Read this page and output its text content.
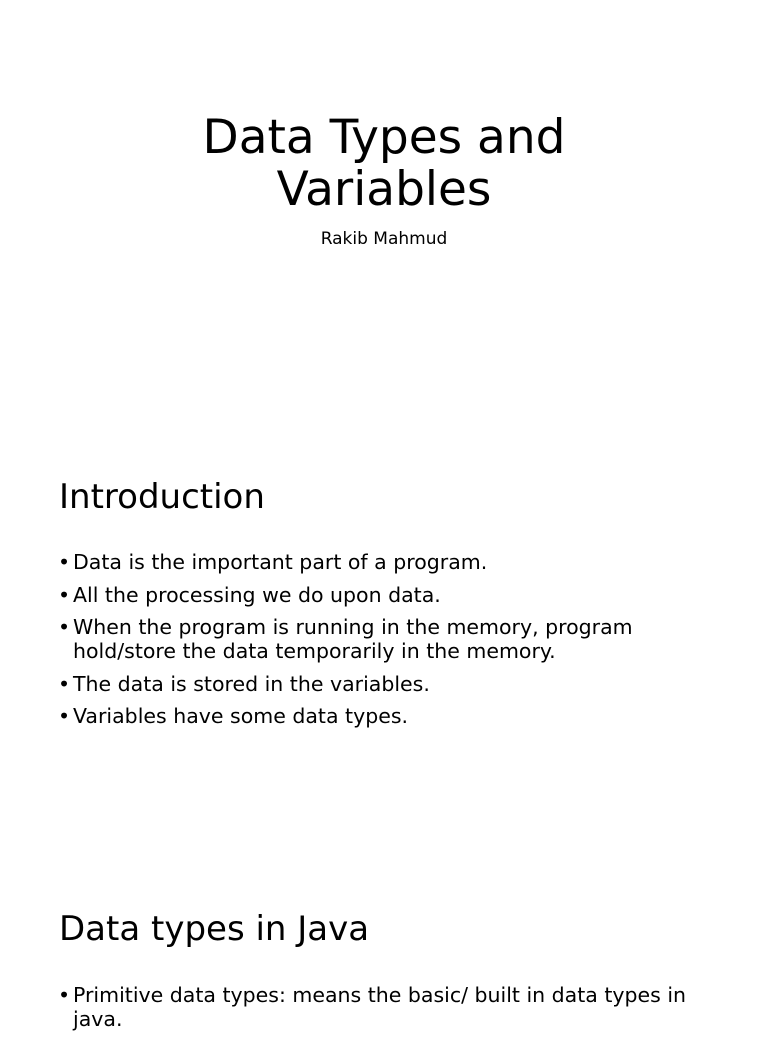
Data Types and
Variables

Rakib Mahmud

Introduction
• Data is the important part of a program.
• All the processing we do upon data.
• When the program is running in the memory, program hold/store the data temporarily in the memory.
• The data is stored in the variables.
• Variables have some data types.
Data types in Java
• Primitive data types: means the basic/ built in data types in java.
